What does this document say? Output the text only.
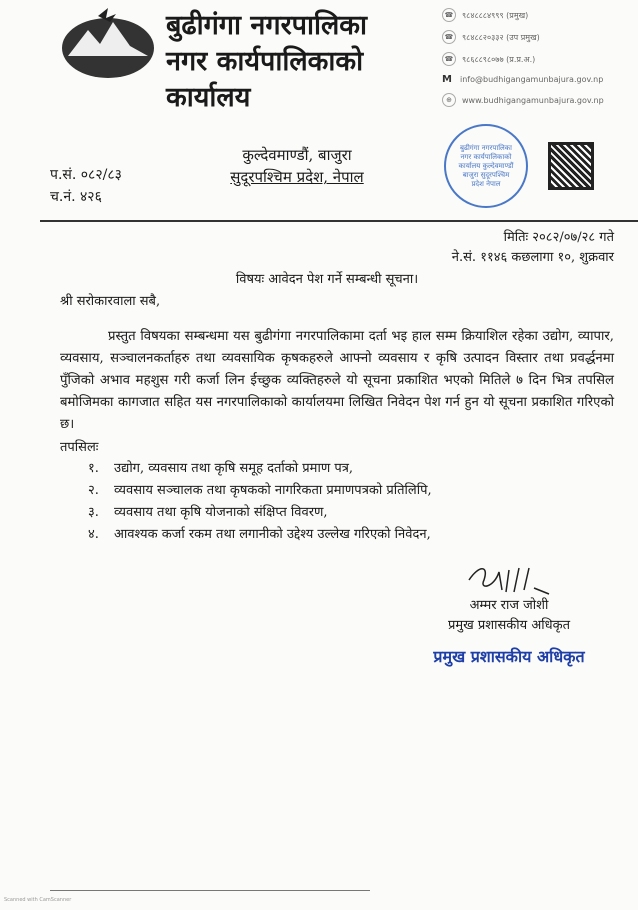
बुढीगंगा नगरपालिका
नगर कार्यपालिकाको कार्यालय
☎	९८४८८८४९९९ (प्रमुख)
☎	९८४८८२०३३२ (उप प्रमुख)
☎	९८६८८९८०७७ (प्र.प्र.अ.)
M info@budhigangamunbajura.gov.np
⊕	www.budhigangamunbajura.gov.np
प.सं. ०८२/८३
च.नं. ४२६
कुल्देवमाण्डौं, बाजुरा
सुदूरपश्चिम प्रदेश, नेपाल
बुढीगंगा नगरपालिका नगर कार्यपालिकाको कार्यालय कुल्देवमाण्डौं बाजुरा सुदूरपश्चिम प्रदेश नेपाल
मितिः २०८२/०७/२८ गते
ने.सं. ११४६ कछलागा १०, शुक्रवार
विषयः आवेदन पेश गर्ने सम्बन्धी सूचना।
श्री सरोकारवाला सबै,
प्रस्तुत विषयका सम्बन्धमा यस बुढीगंगा नगरपालिकामा दर्ता भइ हाल सम्म क्रियाशिल रहेका उद्योग, व्यापार, व्यवसाय, सञ्चालनकर्ताहरु तथा व्यवसायिक कृषकहरुले आफ्नो व्यवसाय र कृषि उत्पादन विस्तार तथा प्रवर्द्धनमा पुँजिको अभाव महशुस गरी कर्जा लिन ईच्छुक व्यक्तिहरुले यो सूचना प्रकाशित भएको मितिले ७ दिन भित्र तपसिल बमोजिमका कागजात सहित यस नगरपालिकाको कार्यालयमा लिखित निवेदन पेश गर्न हुन यो सूचना प्रकाशित गरिएको छ।
तपसिलः
१.	उद्योग, व्यवसाय तथा कृषि समूह दर्ताको प्रमाण पत्र,
२.	व्यवसाय सञ्चालक तथा कृषकको नागरिकता प्रमाणपत्रको प्रतिलिपि,
३.	व्यवसाय तथा कृषि योजनाको संक्षिप्त विवरण,
४.	आवश्यक कर्जा रकम तथा लगानीको उद्देश्य उल्लेख गरिएको निवेदन,
अम्मर राज जोशी
प्रमुख प्रशासकीय अधिकृत
प्रमुख प्रशासकीय अधिकृत
Scanned with CamScanner
